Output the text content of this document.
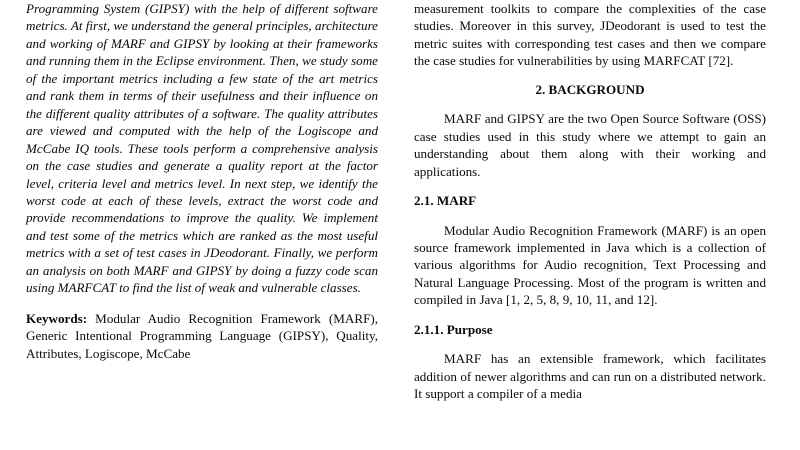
Programming System (GIPSY) with the help of different software metrics. At first, we understand the general principles, architecture and working of MARF and GIPSY by looking at their frameworks and running them in the Eclipse environment. Then, we study some of the important metrics including a few state of the art metrics and rank them in terms of their usefulness and their influence on the different quality attributes of a software. The quality attributes are viewed and computed with the help of the Logiscope and McCabe IQ tools. These tools perform a comprehensive analysis on the case studies and generate a quality report at the factor level, criteria level and metrics level. In next step, we identify the worst code at each of these levels, extract the worst code and provide recommendations to improve the quality. We implement and test some of the metrics which are ranked as the most useful metrics with a set of test cases in JDeodorant. Finally, we perform an analysis on both MARF and GIPSY by doing a fuzzy code scan using MARFCAT to find the list of weak and vulnerable classes.

Keywords: Modular Audio Recognition Framework (MARF), Generic Intentional Programming Language (GIPSY), Quality, Attributes, Logiscope, McCabe

measurement toolkits to compare the complexities of the case studies. Moreover in this survey, JDeodorant is used to test the metric suites with corresponding test cases and then we compare the case studies for vulnerabilities by using MARFCAT [72].

2. BACKGROUND

MARF and GIPSY are the two Open Source Software (OSS) case studies used in this study where we attempt to gain an understanding about them along with their working and applications.

2.1. MARF

Modular Audio Recognition Framework (MARF) is an open source framework implemented in Java which is a collection of various algorithms for Audio recognition, Text Processing and Natural Language Processing. Most of the program is written and compiled in Java [1, 2, 5, 8, 9, 10, 11, and 12].

2.1.1. Purpose

MARF has an extensible framework, which facilitates addition of newer algorithms and can run on a distributed network. It support a compiler of a media
